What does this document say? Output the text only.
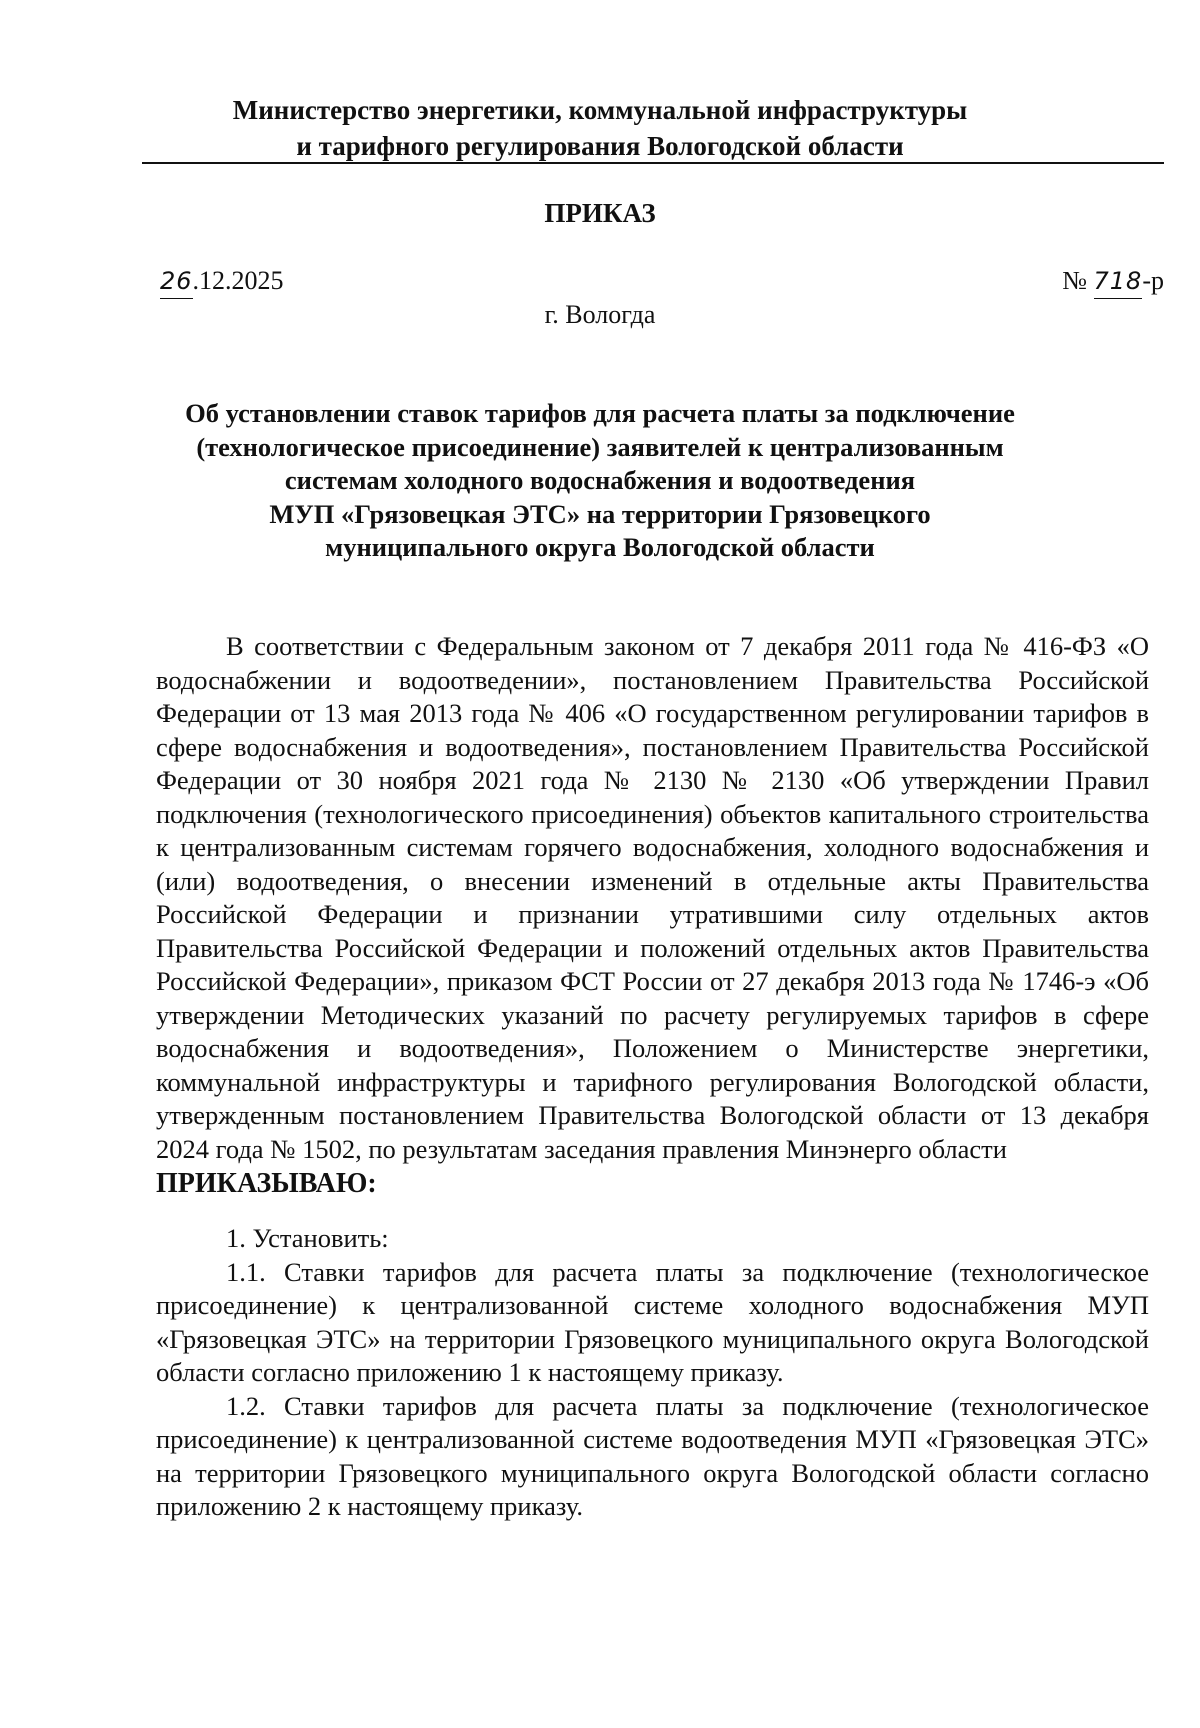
Министерство энергетики, коммунальной инфраструктуры
и тарифного регулирования Вологодской области
ПРИКАЗ
26.12.2025	№ 718-р
г. Вологда
Об установлении ставок тарифов для расчета платы за подключение
(технологическое присоединение) заявителей к централизованным
системам холодного водоснабжения и водоотведения
МУП «Грязовецкая ЭТС» на территории Грязовецкого
муниципального округа Вологодской области

В соответствии с Федеральным законом от 7 декабря 2011 года № 416-ФЗ «О водоснабжении и водоотведении», постановлением Правительства Российской Федерации от 13 мая 2013 года № 406 «О государственном регулировании тарифов в сфере водоснабжения и водоотведения», постановлением Правительства Российской Федерации от 30 ноября 2021 года № 2130 № 2130 «Об утверждении Правил подключения (технологического присоединения) объектов капитального строительства к централизованным системам горячего водоснабжения, холодного водоснабжения и (или) водоотведения, о внесении изменений в отдельные акты Правительства Российской Федерации и признании утратившими силу отдельных актов Правительства Российской Федерации и положений отдельных актов Правительства Российской Федерации», приказом ФСТ России от 27 декабря 2013 года № 1746-э «Об утверждении Методических указаний по расчету регулируемых тарифов в сфере водоснабжения и водоотведения», Положением о Министерстве энергетики, коммунальной инфраструктуры и тарифного регулирования Вологодской области, утвержденным постановлением Правительства Вологодской области от 13 декабря 2024 года № 1502, по результатам заседания правления Минэнерго области

ПРИКАЗЫВАЮ:

1. Установить:

1.1. Ставки тарифов для расчета платы за подключение (технологическое присоединение) к централизованной системе холодного водоснабжения МУП «Грязовецкая ЭТС» на территории Грязовецкого муниципального округа Вологодской области согласно приложению 1 к настоящему приказу.

1.2. Ставки тарифов для расчета платы за подключение (технологическое присоединение) к централизованной системе водоотведения МУП «Грязовецкая ЭТС» на территории Грязовецкого муниципального округа Вологодской области согласно приложению 2 к настоящему приказу.
